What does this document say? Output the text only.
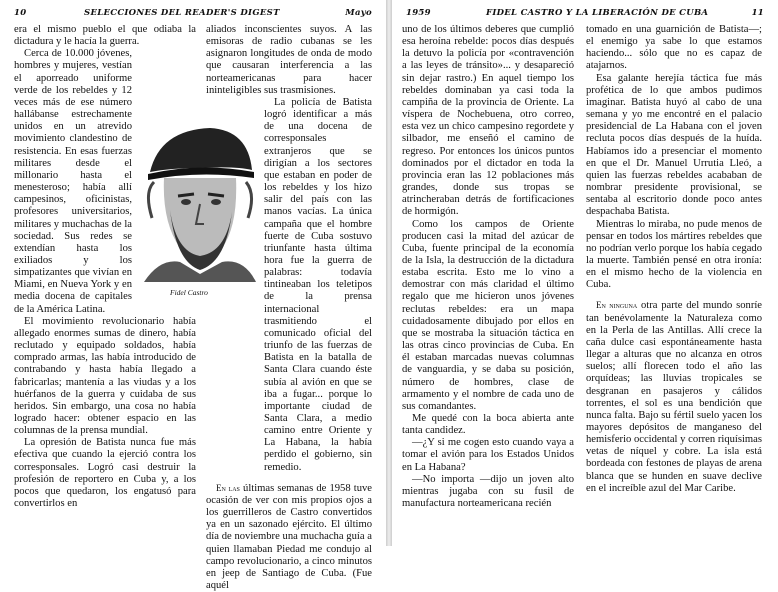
10	SELECCIONES DEL READER'S DIGEST	Mayo

era el mismo pueblo el que odiaba la dictadura y le hacía la guerra.

Cerca de 10.000 jóvenes, hombres y mujeres, vestían el aporreado uniforme verde de los rebeldes y 12 veces más de ese número hallábanse estrechamente unidos en un atrevido movimiento clandestino de resistencia. En esas fuerzas militares desde el millonario hasta el menesteroso; había allí campesinos, oficinistas, profesores universitarios, militares y muchachas de la sociedad. Sus redes se extendían hasta los exiliados y los simpatizantes que vivían en Miami, en Nueva York y en media docena de capitales de la América Latina.

El movimiento revolucionario había allegado enormes sumas de dinero, había reclutado y equipado soldados, había comprado armas, las había introducido de contrabando y hasta había llegado a fabricarlas; mantenía a las viudas y a los huérfanos de la guerra y cuidaba de sus heridos. Sin embargo, una cosa no había logrado hacer: obtener espacio en las columnas de la prensa mundial.

La opresión de Batista nunca fue más efectiva que cuando la ejerció contra los corresponsales. Logró casi destruir la profesión de reportero en Cuba y, a los pocos que quedaron, los engatusó para convertirlos en

aliados inconscientes suyos. A las emisoras de radio cubanas se les asignaron longitudes de onda de modo que causaran interferencia a las norteamericanas para hacer ininteligibles sus trasmisiones.

La policía de Batista logró identificar a más de una docena de corresponsales extranjeros que se dirigían a los sectores que estaban en poder de los rebeldes y los hizo salir del país con las manos vacías. La única campaña que el hombre fuerte de Cuba sostuvo triunfante hasta última hora fue la guerra de palabras: todavía tintineaban los teletipos de la prensa internacional trasmitiendo el comunicado oficial del triunfo de las fuerzas de Batista en la batalla de Santa Clara cuando éste subía al avión en que se iba a fugar... porque lo importante ciudad de Santa Clara, a medio camino entre Oriente y La Habana, la había perdido el gobierno, sin remedio.

En las últimas semanas de 1958 tuve ocasión de ver con mis propios ojos a los guerrilleros de Castro convertidos ya en un sazonado ejército. El último día de noviembre una muchacha guía a quien llamaban Piedad me condujo al campo revolucionario, a cinco minutos en jeep de Santiago de Cuba. (Fue aquél

Fidel Castro
1959	FIDEL CASTRO Y LA LIBERACIÓN DE CUBA	11

uno de los últimos deberes que cumplió esa heroína rebelde: pocos días después la detuvo la policía por «contravención a las leyes de tránsito»... y desapareció sin dejar rastro.) En aquel tiempo los rebeldes dominaban ya casi toda la campiña de la provincia de Oriente. La víspera de Nochebuena, otro correo, esta vez un chico campesino regordete y silbador, me enseñó el camino de regreso. Por entonces los únicos puntos dominados por el dictador en toda la provincia eran las 12 poblaciones más grandes, donde sus tropas se atrincheraban detrás de fortificaciones de hormigón.

Como los campos de Oriente producen casi la mitad del azúcar de Cuba, fuente principal de la economía de la Isla, la destrucción de la dictadura estaba escrita. Esto me lo vino a demostrar con más claridad el último regalo que me hicieron unos jóvenes reclutas rebeldes: era un mapa cuidadosamente dibujado por ellos en que se mostraba la situación táctica en las otras cinco provincias de Cuba. En él estaban marcadas nuevas columnas de vanguardia, y se daba su posición, número de hombres, clase de armamento y el nombre de cada uno de sus comandantes.

Me quedé con la boca abierta ante tanta candidez.

—¿Y si me cogen esto cuando vaya a tomar el avión para los Estados Unidos en La Habana?

—No importa —dijo un joven alto mientras jugaba con su fusil de manufactura norteamericana recién

tomado en una guarnición de Batista—; el enemigo ya sabe lo que estamos haciendo... sólo que no es capaz de atajarnos.

Esa galante herejía táctica fue más profética de lo que ambos pudimos imaginar. Batista huyó al cabo de una semana y yo me encontré en el palacio presidencial de La Habana con el joven recluta pocos días después de la huída. Habíamos ido a presenciar el momento en que el Dr. Manuel Urrutia Lleó, a quien las fuerzas rebeldes acababan de nombrar presidente provisional, se sentaba al escritorio donde poco antes despachaba Batista.

Mientras lo miraba, no pude menos de pensar en todos los mártires rebeldes que no podrían verlo porque los había cegado la muerte. También pensé en otra ironía: en el mismo hecho de la violencia en Cuba.

En ninguna otra parte del mundo sonríe tan benévolamente la Naturaleza como en la Perla de las Antillas. Allí crece la caña dulce casi espontáneamente hasta llegar a alturas que no alcanza en otros suelos; allí florecen todo el año las orquídeas; las lluvias tropicales se desgranan en pasajeros y cálidos torrentes, el sol es una bendición que nunca falta. Bajo su fértil suelo yacen los mayores depósitos de manganeso del hemisferio occidental y corren riquísimas vetas de níquel y cobre. La isla está bordeada con festones de playas de arena blanca que se hunden en suave declive en el increíble azul del Mar Caribe.
